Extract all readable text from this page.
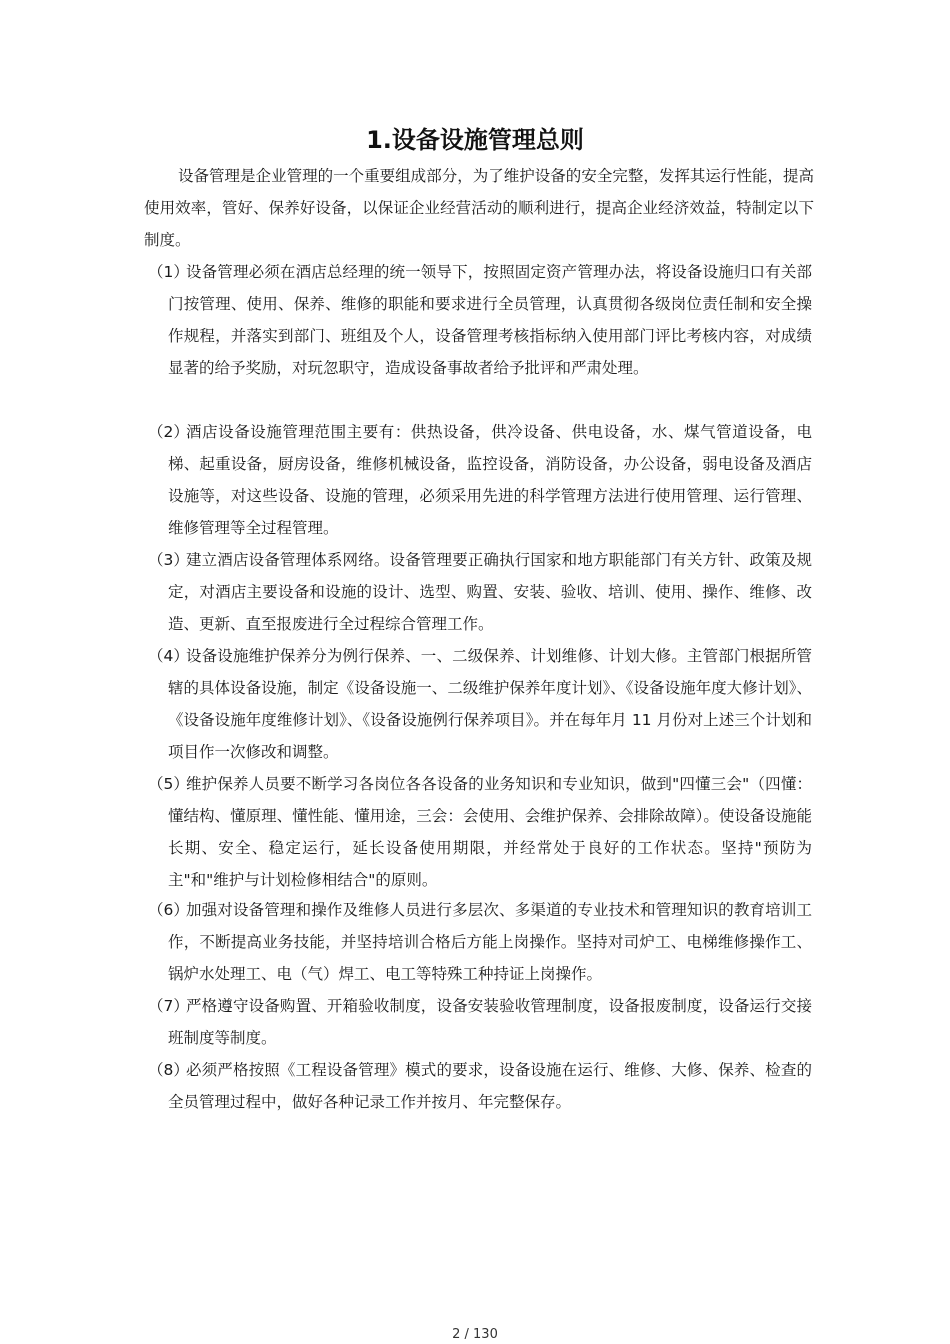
1.设备设施管理总则
设备管理是企业管理的一个重要组成部分，为了维护设备的安全完整，发挥其运行性能，提高使用效率，管好、保养好设备，以保证企业经营活动的顺利进行，提高企业经济效益，特制定以下制度。
（1）
设备管理必须在酒店总经理的统一领导下，按照固定资产管理办法，将设备设施归口有关部门按管理、使用、保养、维修的职能和要求进行全员管理，认真贯彻各级岗位责任制和安全操作规程，并落实到部门、班组及个人，设备管理考核指标纳入使用部门评比考核内容，对成绩显著的给予奖励，对玩忽职守，造成设备事故者给予批评和严肃处理。
（2）
酒店设备设施管理范围主要有：供热设备，供冷设备、供电设备，水、煤气管道设备，电梯、起重设备，厨房设备，维修机械设备，监控设备，消防设备，办公设备，弱电设备及酒店设施等，对这些设备、设施的管理，必须采用先进的科学管理方法进行使用管理、运行管理、维修管理等全过程管理。
（3）
建立酒店设备管理体系网络。设备管理要正确执行国家和地方职能部门有关方针、政策及规定，对酒店主要设备和设施的设计、选型、购置、安装、验收、培训、使用、操作、维修、改造、更新、直至报废进行全过程综合管理工作。
（4）
设备设施维护保养分为例行保养、一、二级保养、计划维修、计划大修。主管部门根据所管辖的具体设备设施，制定《设备设施一、二级维护保养年度计划》、《设备设施年度大修计划》、《设备设施年度维修计划》、《设备设施例行保养项目》。并在每年月 11 月份对上述三个计划和项目作一次修改和调整。
（5）
维护保养人员要不断学习各岗位各各设备的业务知识和专业知识，做到"四懂三会"（四懂：懂结构、懂原理、懂性能、懂用途，三会：会使用、会维护保养、会排除故障）。使设备设施能长期、安全、稳定运行，延长设备使用期限，并经常处于良好的工作状态。坚持"预防为主"和"维护与计划检修相结合"的原则。
（6）
加强对设备管理和操作及维修人员进行多层次、多渠道的专业技术和管理知识的教育培训工作，不断提高业务技能，并坚持培训合格后方能上岗操作。坚持对司炉工、电梯维修操作工、锅炉水处理工、电（气）焊工、电工等特殊工种持证上岗操作。
（7）
严格遵守设备购置、开箱验收制度，设备安装验收管理制度，设备报废制度，设备运行交接班制度等制度。
（8）
必须严格按照《工程设备管理》模式的要求，设备设施在运行、维修、大修、保养、检查的全员管理过程中，做好各种记录工作并按月、年完整保存。
2 / 130
